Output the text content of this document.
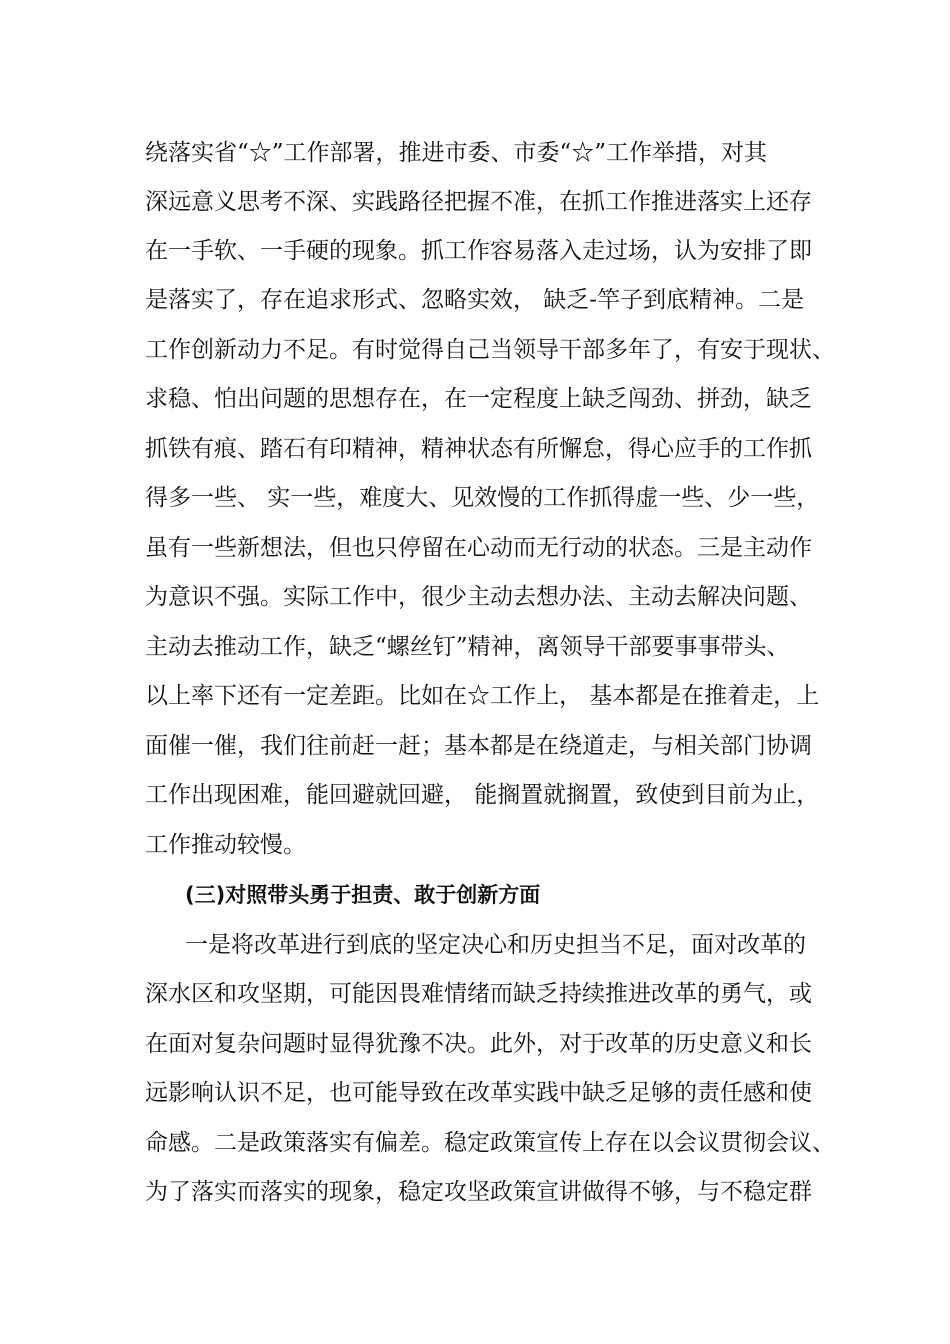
绕落实省“☆”工作部署，推进市委、市委“☆”工作举措，对其
深远意义思考不深、实践路径把握不准，在抓工作推进落实上还存
在一手软、一手硬的现象。抓工作容易落入走过场，认为安排了即
是落实了，存在追求形式、忽略实效， 缺乏-竿子到底精神。二是
工作创新动力不足。有时觉得自己当领导干部多年了，有安于现状、
求稳、怕出问题的思想存在，在一定程度上缺乏闯劲、拼劲，缺乏
抓铁有痕、踏石有印精神，精神状态有所懈怠，得心应手的工作抓
得多一些、 实一些，难度大、见效慢的工作抓得虚一些、少一些，
虽有一些新想法，但也只停留在心动而无行动的状态。三是主动作
为意识不强。实际工作中，很少主动去想办法、主动去解决问题、
主动去推动工作，缺乏“螺丝钉”精神，离领导干部要事事带头、
以上率下还有一定差距。比如在☆工作上， 基本都是在推着走，上
面催一催，我们往前赶一赶；基本都是在绕道走，与相关部门协调
工作出现困难，能回避就回避， 能搁置就搁置，致使到目前为止，
工作推动较慢。
(三)对照带头勇于担责、敢于创新方面
一是将改革进行到底的坚定决心和历史担当不足，面对改革的
深水区和攻坚期，可能因畏难情绪而缺乏持续推进改革的勇气，或
在面对复杂问题时显得犹豫不决。此外，对于改革的历史意义和长
远影响认识不足，也可能导致在改革实践中缺乏足够的责任感和使
命感。二是政策落实有偏差。稳定政策宣传上存在以会议贯彻会议、
为了落实而落实的现象，稳定攻坚政策宣讲做得不够，与不稳定群
